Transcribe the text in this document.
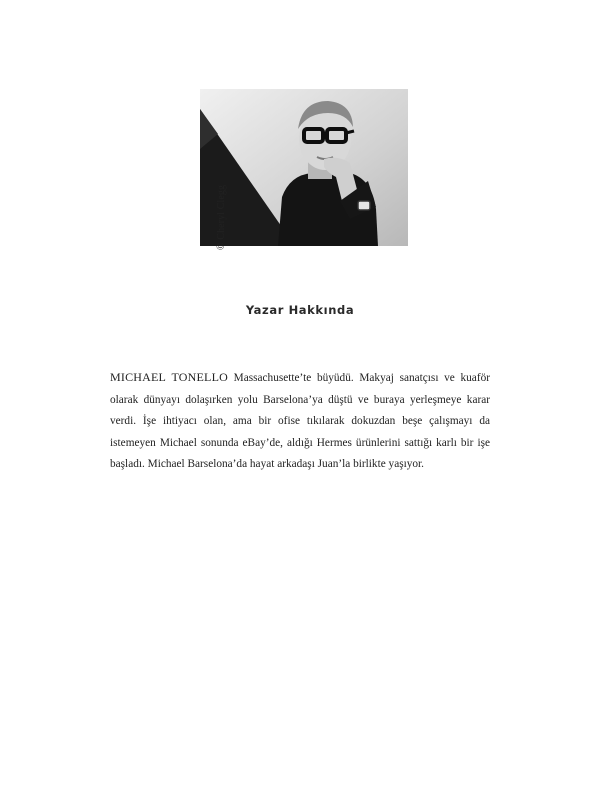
© Cheryl Clegg
Yazar Hakkında

MICHAEL TONELLO Massachusette’te büyüdü. Makyaj sanatçısı ve kuaför olarak dünyayı dolaşırken yolu Barselona’ya düştü ve buraya yerleşmeye karar verdi. İşe ihtiyacı olan, ama bir ofise tıkılarak dokuzdan beşe çalışmayı da istemeyen Michael sonunda eBay’de, aldığı Hermes ürünlerini sattığı karlı bir işe başladı. Michael Barselona’da hayat arkadaşı Juan’la birlikte yaşıyor.
